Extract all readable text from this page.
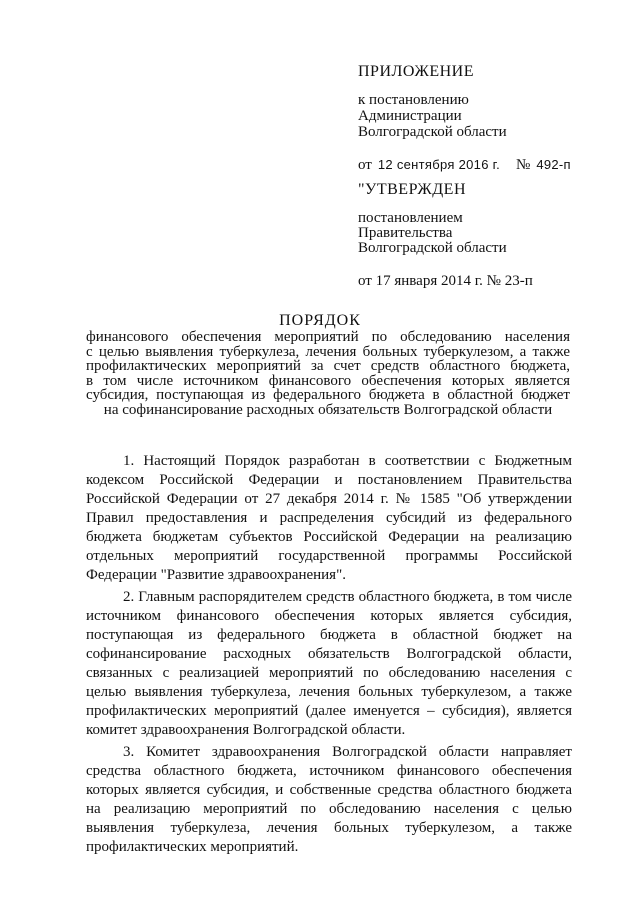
ПРИЛОЖЕНИЕ
к постановлению
Администрации
Волгоградской области
от 12 сентября 2016 г. № 492-п
"УТВЕРЖДЕН
постановлением
Правительства
Волгоградской области
от 17 января 2014 г. № 23-п
ПОРЯДОК
финансового обеспечения мероприятий по обследованию населения
с целью выявления туберкулеза, лечения больных туберкулезом, а также
профилактических мероприятий за счет средств областного бюджета,
в том числе источником финансового обеспечения которых является
субсидия, поступающая из федерального бюджета в областной бюджет
на софинансирование расходных обязательств Волгоградской области

1. Настоящий Порядок разработан в соответствии с Бюджетным кодексом Российской Федерации и постановлением Правительства Российской Федерации от 27 декабря 2014 г. № 1585 "Об утверждении Правил предоставления и распределения субсидий из федерального бюджета бюджетам субъектов Российской Федерации на реализацию отдельных мероприятий государственной программы Российской Федерации "Развитие здравоохранения".

2. Главным распорядителем средств областного бюджета, в том числе источником финансового обеспечения которых является субсидия, поступающая из федерального бюджета в областной бюджет на софинансирование расходных обязательств Волгоградской области, связанных с реализацией мероприятий по обследованию населения с целью выявления туберкулеза, лечения больных туберкулезом, а также профилактических мероприятий (далее именуется – субсидия), является комитет здравоохранения Волгоградской области.

3. Комитет здравоохранения Волгоградской области направляет средства областного бюджета, источником финансового обеспечения которых является субсидия, и собственные средства областного бюджета на реализацию мероприятий по обследованию населения с целью выявления туберкулеза, лечения больных туберкулезом, а также профилактических мероприятий.
